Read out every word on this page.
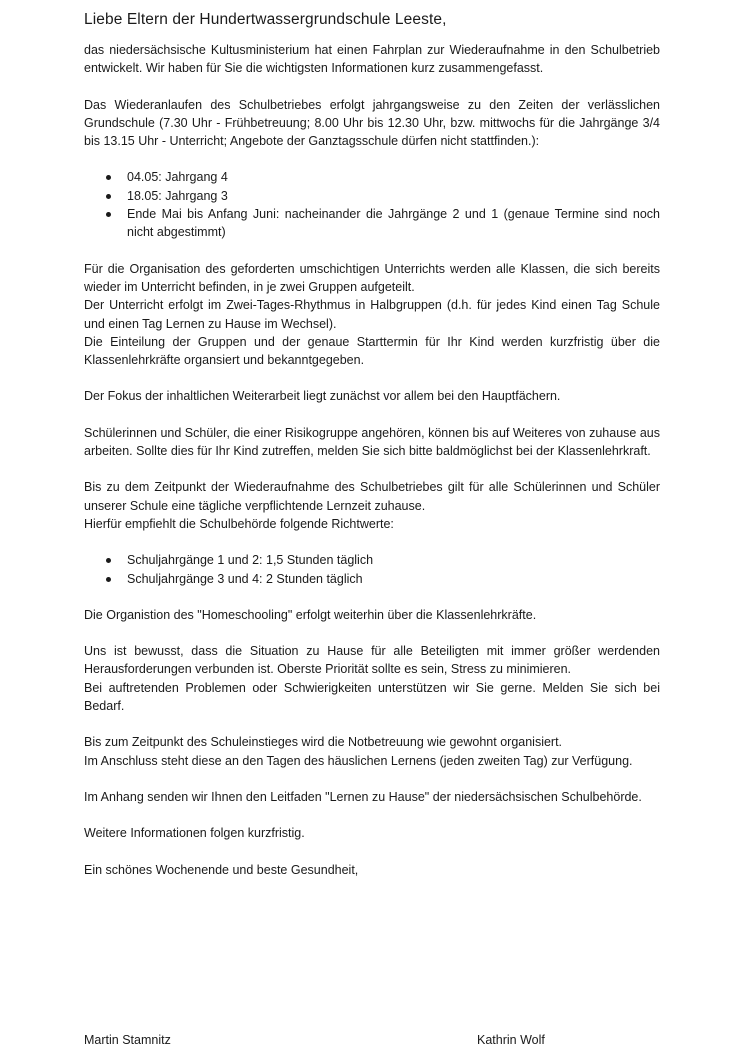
Liebe Eltern der Hundertwassergrundschule Leeste,

das niedersächsische Kultusministerium hat einen Fahrplan zur Wiederaufnahme in den Schulbetrieb entwickelt. Wir haben für Sie die wichtigsten Informationen kurz zusammengefasst.

Das Wiederanlaufen des Schulbetriebes erfolgt jahrgangsweise zu den Zeiten der verlässlichen Grundschule (7.30 Uhr - Frühbetreuung; 8.00 Uhr bis 12.30 Uhr, bzw. mittwochs für die Jahrgänge 3/4 bis 13.15 Uhr - Unterricht; Angebote der Ganztagsschule dürfen nicht stattfinden.):

04.05: Jahrgang 4
18.05: Jahrgang 3
Ende Mai bis Anfang Juni: nacheinander die Jahrgänge 2 und 1 (genaue Termine sind noch nicht abgestimmt)

Für die Organisation des geforderten umschichtigen Unterrichts werden alle Klassen, die sich bereits wieder im Unterricht befinden, in je zwei Gruppen aufgeteilt.

Der Unterricht erfolgt im Zwei-Tages-Rhythmus in Halbgruppen (d.h. für jedes Kind einen Tag Schule und einen Tag Lernen zu Hause im Wechsel).

Die Einteilung der Gruppen und der genaue Starttermin für Ihr Kind werden kurzfristig über die Klassenlehrkräfte organsiert und bekanntgegeben.

Der Fokus der inhaltlichen Weiterarbeit liegt zunächst vor allem bei den Hauptfächern.

Schülerinnen und Schüler, die einer Risikogruppe angehören, können bis auf Weiteres von zuhause aus arbeiten. Sollte dies für Ihr Kind zutreffen, melden Sie sich bitte baldmöglichst bei der Klassenlehrkraft.

Bis zu dem Zeitpunkt der Wiederaufnahme des Schulbetriebes gilt für alle Schülerinnen und Schüler unserer Schule eine tägliche verpflichtende Lernzeit zuhause.

Hierfür empfiehlt die Schulbehörde folgende Richtwerte:

Schuljahrgänge 1 und 2: 1,5 Stunden täglich
Schuljahrgänge 3 und 4: 2 Stunden täglich

Die Organistion des "Homeschooling" erfolgt weiterhin über die Klassenlehrkräfte.

Uns ist bewusst, dass die Situation zu Hause für alle Beteiligten mit immer größer werdenden Herausforderungen verbunden ist. Oberste Priorität sollte es sein, Stress zu minimieren.

Bei auftretenden Problemen oder Schwierigkeiten unterstützen wir Sie gerne. Melden Sie sich bei Bedarf.

Bis zum Zeitpunkt des Schuleinstieges wird die Notbetreuung wie gewohnt organisiert.

Im Anschluss steht diese an den Tagen des häuslichen Lernens (jeden zweiten Tag) zur Verfügung.

Im Anhang senden wir Ihnen den Leitfaden "Lernen zu Hause" der niedersächsischen Schulbehörde.

Weitere Informationen folgen kurzfristig.

Ein schönes Wochenende und beste Gesundheit,

Martin Stamnitz	Kathrin Wolf
